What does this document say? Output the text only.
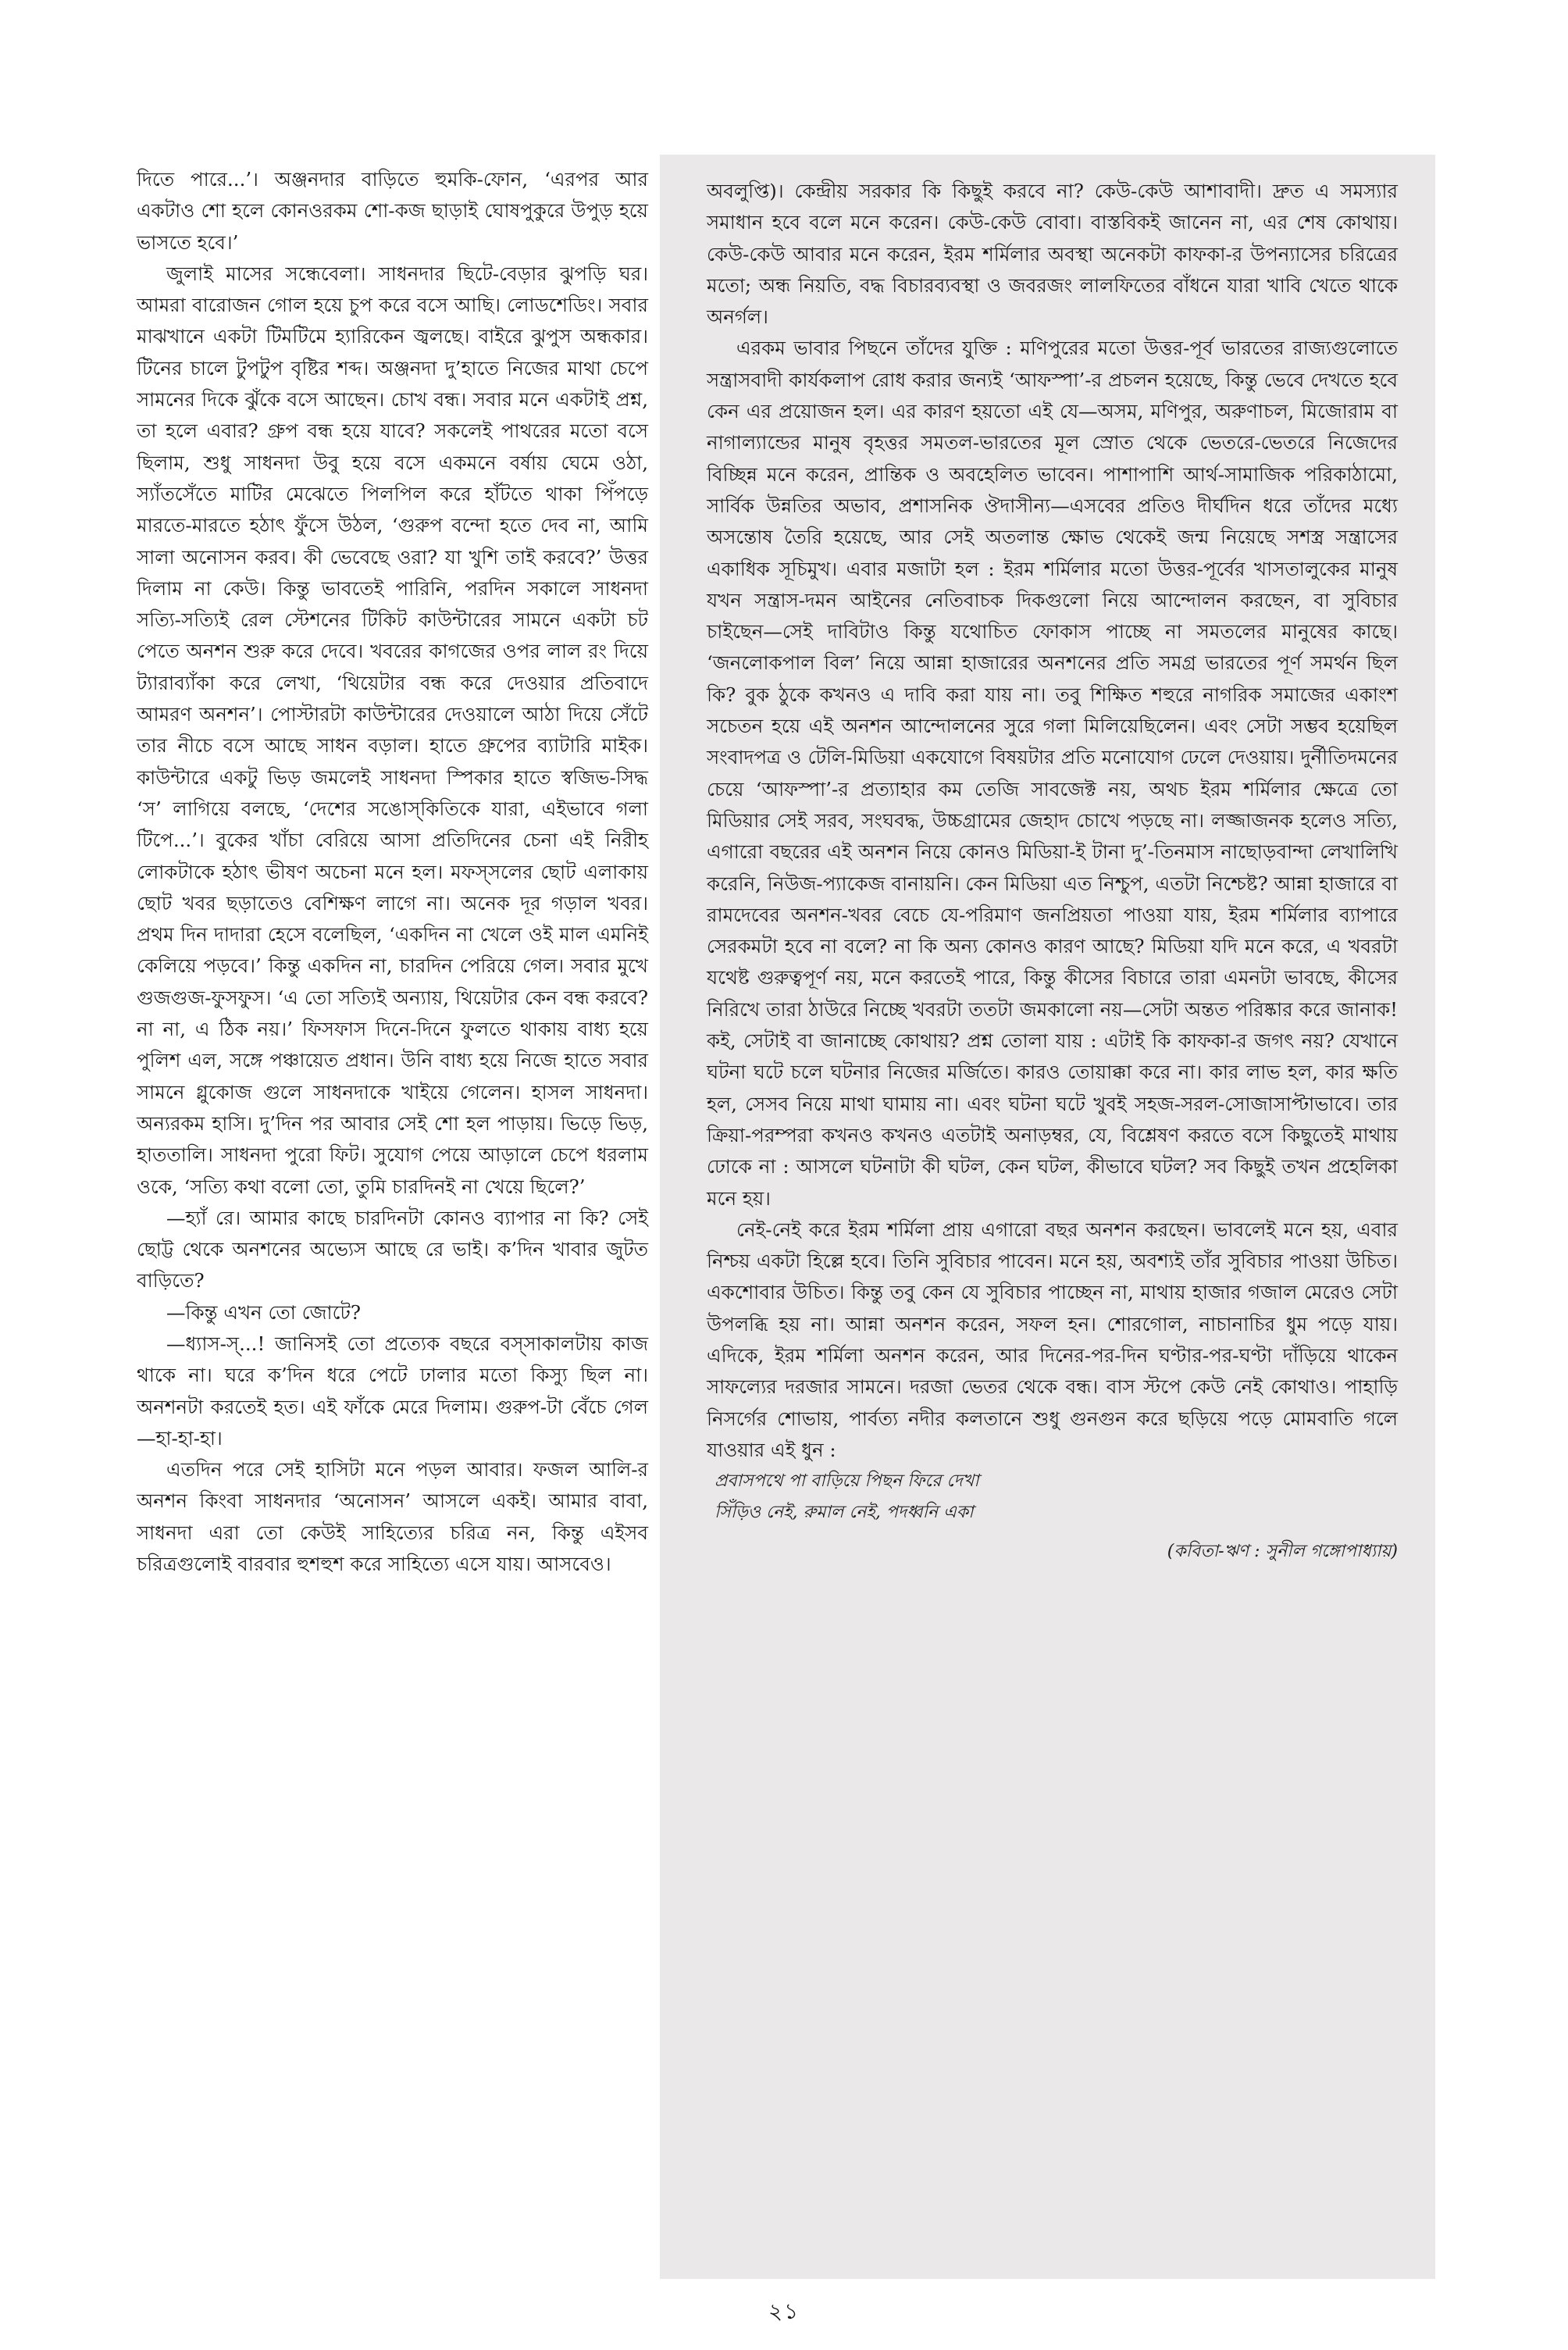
দিতে পারে...’। অঞ্জনদার বাড়িতে হুমকি-ফোন, ‘এরপর আর একটাও শো হলে কোনওরকম শো-কজ ছাড়াই ঘোষপুকুরে উপুড় হয়ে ভাসতে হবে।’

জুলাই মাসের সন্ধেবেলা। সাধনদার ছিটে-বেড়ার ঝুপড়ি ঘর। আমরা বারোজন গোল হয়ে চুপ করে বসে আছি। লোডশেডিং। সবার মাঝখানে একটা টিমটিমে হ্যারিকেন জ্বলছে। বাইরে ঝুপুস অন্ধকার। টিনের চালে টুপটুপ বৃষ্টির শব্দ। অঞ্জনদা দু’হাতে নিজের মাথা চেপে সামনের দিকে ঝুঁকে বসে আছেন। চোখ বন্ধ। সবার মনে একটাই প্রশ্ন, তা হলে এবার? গ্রুপ বন্ধ হয়ে যাবে? সকলেই পাথরের মতো বসে ছিলাম, শুধু সাধনদা উবু হয়ে বসে একমনে বর্ষায় ঘেমে ওঠা, স্যাঁতসেঁতে মাটির মেঝেতে পিলপিল করে হাঁটতে থাকা পিঁপড়ে মারতে-মারতে হঠাৎ ফুঁসে উঠল, ‘গুরুপ বন্দো হতে দেব না, আমি সালা অনোসন করব। কী ভেবেছে ওরা? যা খুশি তাই করবে?’ উত্তর দিলাম না কেউ। কিন্তু ভাবতেই পারিনি, পরদিন সকালে সাধনদা সত্যি-সত্যিই রেল স্টেশনের টিকিট কাউন্টারের সামনে একটা চট পেতে অনশন শুরু করে দেবে। খবরের কাগজের ওপর লাল রং দিয়ে ট্যারাব্যাঁকা করে লেখা, ‘থিয়েটার বন্ধ করে দেওয়ার প্রতিবাদে আমরণ অনশন’। পোস্টারটা কাউন্টারের দেওয়ালে আঠা দিয়ে সেঁটে তার নীচে বসে আছে সাধন বড়াল। হাতে গ্রুপের ব্যাটারি মাইক। কাউন্টারে একটু ভিড় জমলেই সাধনদা স্পিকার হাতে স্বজিভ-সিদ্ধ ‘স’ লাগিয়ে বলছে, ‘দেশের সঙোস্‌কিতিকে যারা, এইভাবে গলা টিপে...’। বুকের খাঁচা বেরিয়ে আসা প্রতিদিনের চেনা এই নিরীহ লোকটাকে হঠাৎ ভীষণ অচেনা মনে হল। মফস্‌সলের ছোট এলাকায় ছোট খবর ছড়াতেও বেশিক্ষণ লাগে না। অনেক দূর গড়াল খবর। প্রথম দিন দাদারা হেসে বলেছিল, ‘একদিন না খেলে ওই মাল এমনিই কেলিয়ে পড়বে।’ কিন্তু একদিন না, চারদিন পেরিয়ে গেল। সবার মুখে গুজগুজ-ফুসফুস। ‘এ তো সত্যিই অন্যায়, থিয়েটার কেন বন্ধ করবে? না না, এ ঠিক নয়।’ ফিসফাস দিনে-দিনে ফুলতে থাকায় বাধ্য হয়ে পুলিশ এল, সঙ্গে পঞ্চায়েত প্রধান। উনি বাধ্য হয়ে নিজে হাতে সবার সামনে গ্লুকোজ গুলে সাধনদাকে খাইয়ে গেলেন। হাসল সাধনদা। অন্যরকম হাসি। দু’দিন পর আবার সেই শো হল পাড়ায়। ভিড়ে ভিড়, হাততালি। সাধনদা পুরো ফিট। সুযোগ পেয়ে আড়ালে চেপে ধরলাম ওকে, ‘সত্যি কথা বলো তো, তুমি চারদিনই না খেয়ে ছিলে?’

—হ্যাঁ রে। আমার কাছে চারদিনটা কোনও ব্যাপার না কি? সেই ছোট্ট থেকে অনশনের অভ্যেস আছে রে ভাই। ক’দিন খাবার জুটত বাড়িতে?

—কিন্তু এখন তো জোটে?

—ধ্যাস-স্‌...! জানিসই তো প্রত্যেক বছরে বস্‌সাকালটায় কাজ থাকে না। ঘরে ক’দিন ধরে পেটে ঢালার মতো কিস্যু ছিল না। অনশনটা করতেই হত। এই ফাঁকে মেরে দিলাম। গুরুপ-টা বেঁচে গেল—হা-হা-হা।

এতদিন পরে সেই হাসিটা মনে পড়ল আবার। ফজল আলি-র অনশন কিংবা সাধনদার ‘অনোসন’ আসলে একই। আমার বাবা, সাধনদা এরা তো কেউই সাহিত্যের চরিত্র নন, কিন্তু এইসব চরিত্রগুলোই বারবার হুশহুশ করে সাহিত্যে এসে যায়। আসবেও।

অবলুপ্তি)। কেন্দ্রীয় সরকার কি কিছুই করবে না? কেউ-কেউ আশাবাদী। দ্রুত এ সমস্যার সমাধান হবে বলে মনে করেন। কেউ-কেউ বোবা। বাস্তবিকই জানেন না, এর শেষ কোথায়। কেউ-কেউ আবার মনে করেন, ইরম শর্মিলার অবস্থা অনেকটা কাফকা-র উপন্যাসের চরিত্রের মতো; অন্ধ নিয়তি, বদ্ধ বিচারব্যবস্থা ও জবরজং লালফিতের বাঁধনে যারা খাবি খেতে থাকে অনর্গল।

এরকম ভাবার পিছনে তাঁদের যুক্তি : মণিপুরের মতো উত্তর-পূর্ব ভারতের রাজ্যগুলোতে সন্ত্রাসবাদী কার্যকলাপ রোধ করার জন্যই ‘আফস্পা’-র প্রচলন হয়েছে, কিন্তু ভেবে দেখতে হবে কেন এর প্রয়োজন হল। এর কারণ হয়তো এই যে—অসম, মণিপুর, অরুণাচল, মিজোরাম বা নাগাল্যান্ডের মানুষ বৃহত্তর সমতল-ভারতের মূল স্রোত থেকে ভেতরে-ভেতরে নিজেদের বিচ্ছিন্ন মনে করেন, প্রান্তিক ও অবহেলিত ভাবেন। পাশাপাশি আর্থ-সামাজিক পরিকাঠামো, সার্বিক উন্নতির অভাব, প্রশাসনিক ঔদাসীন্য—এসবের প্রতিও দীর্ঘদিন ধরে তাঁদের মধ্যে অসন্তোষ তৈরি হয়েছে, আর সেই অতলান্ত ক্ষোভ থেকেই জন্ম নিয়েছে সশস্ত্র সন্ত্রাসের একাধিক সূচিমুখ। এবার মজাটা হল : ইরম শর্মিলার মতো উত্তর-পূর্বের খাসতালুকের মানুষ যখন সন্ত্রাস-দমন আইনের নেতিবাচক দিকগুলো নিয়ে আন্দোলন করছেন, বা সুবিচার চাইছেন—সেই দাবিটাও কিন্তু যথোচিত ফোকাস পাচ্ছে না সমতলের মানুষের কাছে। ‘জনলোকপাল বিল’ নিয়ে আন্না হাজারের অনশনের প্রতি সমগ্র ভারতের পূর্ণ সমর্থন ছিল কি? বুক ঠুকে কখনও এ দাবি করা যায় না। তবু শিক্ষিত শহুরে নাগরিক সমাজের একাংশ সচেতন হয়ে এই অনশন আন্দোলনের সুরে গলা মিলিয়েছিলেন। এবং সেটা সম্ভব হয়েছিল সংবাদপত্র ও টেলি-মিডিয়া একযোগে বিষয়টার প্রতি মনোযোগ ঢেলে দেওয়ায়। দুর্নীতিদমনের চেয়ে ‘আফস্পা’-র প্রত্যাহার কম তেজি সাবজেক্ট নয়, অথচ ইরম শর্মিলার ক্ষেত্রে তো মিডিয়ার সেই সরব, সংঘবদ্ধ, উচ্চগ্রামের জেহাদ চোখে পড়ছে না। লজ্জাজনক হলেও সত্যি, এগারো বছরের এই অনশন নিয়ে কোনও মিডিয়া-ই টানা দু’-তিনমাস নাছোড়বান্দা লেখালিখি করেনি, নিউজ-প্যাকেজ বানায়নি। কেন মিডিয়া এত নিশ্চুপ, এতটা নিশ্চেষ্ট? আন্না হাজারে বা রামদেবের অনশন-খবর বেচে যে-পরিমাণ জনপ্রিয়তা পাওয়া যায়, ইরম শর্মিলার ব্যাপারে সেরকমটা হবে না বলে? না কি অন্য কোনও কারণ আছে? মিডিয়া যদি মনে করে, এ খবরটা যথেষ্ট গুরুত্বপূর্ণ নয়, মনে করতেই পারে, কিন্তু কীসের বিচারে তারা এমনটা ভাবছে, কীসের নিরিখে তারা ঠাউরে নিচ্ছে খবরটা ততটা জমকালো নয়—সেটা অন্তত পরিষ্কার করে জানাক! কই, সেটাই বা জানাচ্ছে কোথায়? প্রশ্ন তোলা যায় : এটাই কি কাফকা-র জগৎ নয়? যেখানে ঘটনা ঘটে চলে ঘটনার নিজের মর্জিতে। কারও তোয়াক্কা করে না। কার লাভ হল, কার ক্ষতি হল, সেসব নিয়ে মাথা ঘামায় না। এবং ঘটনা ঘটে খুবই সহজ-সরল-সোজাসাপ্টাভাবে। তার ক্রিয়া-পরম্পরা কখনও কখনও এতটাই অনাড়ম্বর, যে, বিশ্লেষণ করতে বসে কিছুতেই মাথায় ঢোকে না : আসলে ঘটনাটা কী ঘটল, কেন ঘটল, কীভাবে ঘটল? সব কিছুই তখন প্রহেলিকা মনে হয়।

নেই-নেই করে ইরম শর্মিলা প্রায় এগারো বছর অনশন করছেন। ভাবলেই মনে হয়, এবার নিশ্চয় একটা হিল্লে হবে। তিনি সুবিচার পাবেন। মনে হয়, অবশ্যই তাঁর সুবিচার পাওয়া উচিত। একশোবার উচিত। কিন্তু তবু কেন যে সুবিচার পাচ্ছেন না, মাথায় হাজার গজাল মেরেও সেটা উপলব্ধি হয় না। আন্না অনশন করেন, সফল হন। শোরগোল, নাচানাচির ধুম পড়ে যায়। এদিকে, ইরম শর্মিলা অনশন করেন, আর দিনের-পর-দিন ঘণ্টার-পর-ঘণ্টা দাঁড়িয়ে থাকেন সাফল্যের দরজার সামনে। দরজা ভেতর থেকে বন্ধ। বাস স্টপে কেউ নেই কোথাও। পাহাড়ি নিসর্গের শোভায়, পার্বত্য নদীর কলতানে শুধু গুনগুন করে ছড়িয়ে পড়ে মোমবাতি গলে যাওয়ার এই ধুন :

প্রবাসপথে পা বাড়িয়ে পিছন ফিরে দেখা
সিঁড়িও নেই, রুমাল নেই, পদধ্বনি একা
(কবিতা-ঋণ : সুনীল গঙ্গোপাধ্যায়)
২১
